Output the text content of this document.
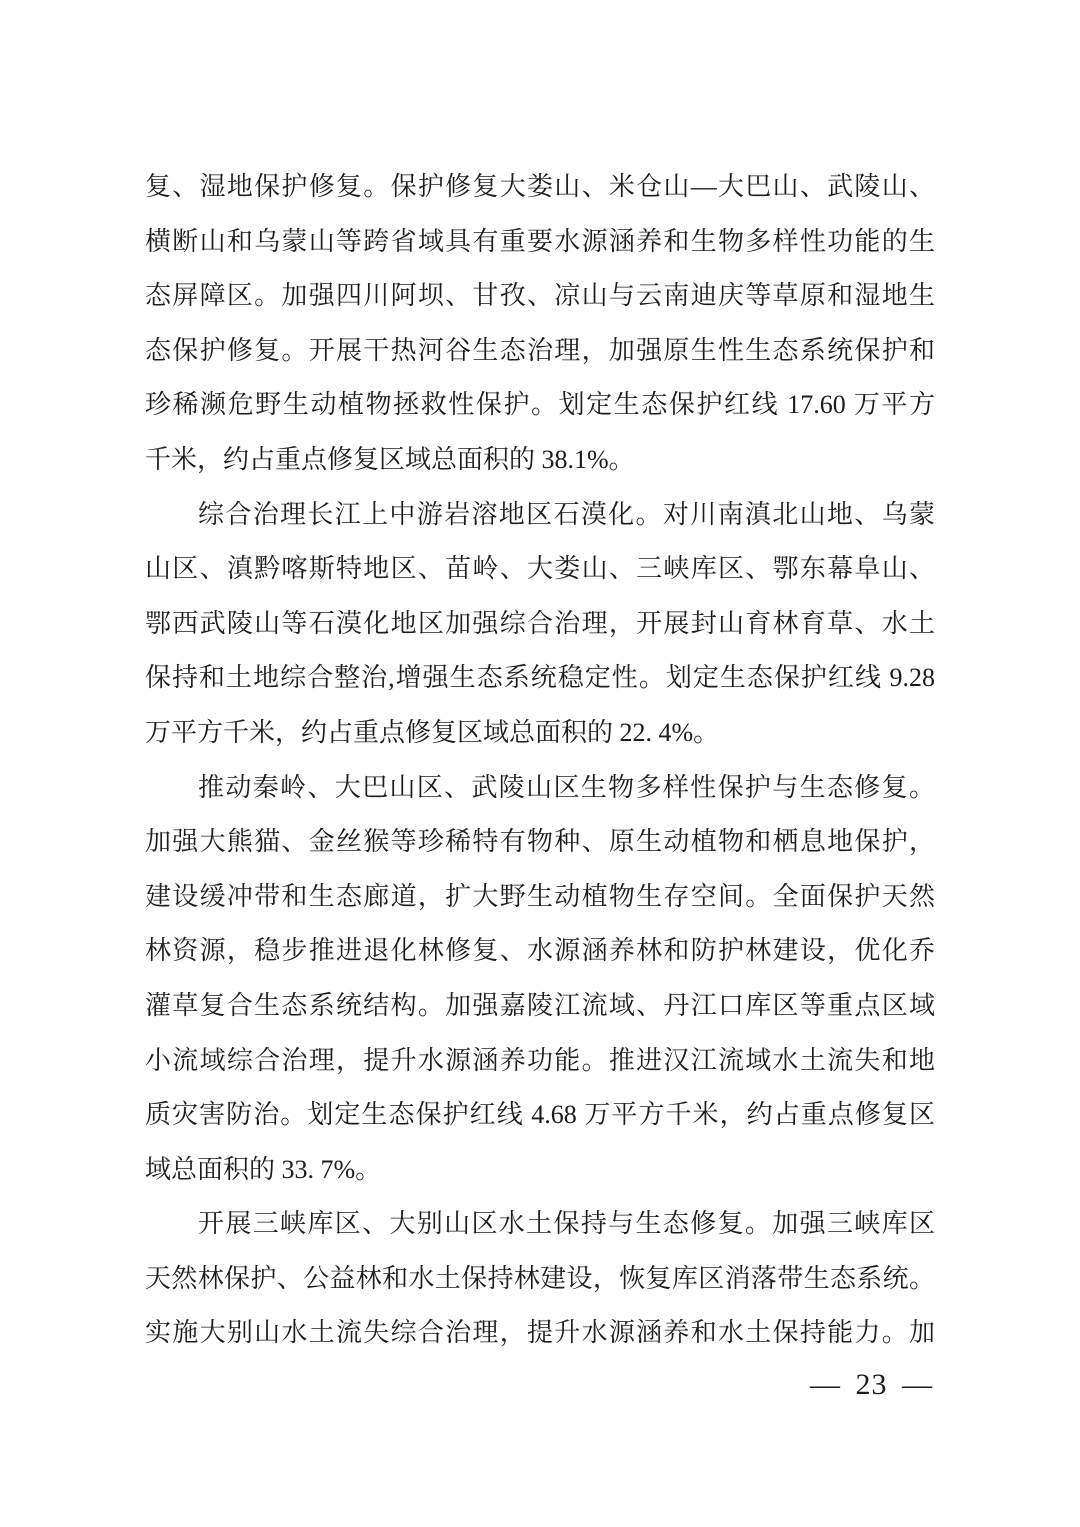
复、湿地保护修复。保护修复大娄山、米仓山—大巴山、武陵山、
横断山和乌蒙山等跨省域具有重要水源涵养和生物多样性功能的生
态屏障区。加强四川阿坝、甘孜、凉山与云南迪庆等草原和湿地生
态保护修复。开展干热河谷生态治理，加强原生性生态系统保护和
珍稀濒危野生动植物拯救性保护。划定生态保护红线 17.60 万平方
千米，约占重点修复区域总面积的 38.1%。
综合治理长江上中游岩溶地区石漠化。对川南滇北山地、乌蒙
山区、滇黔喀斯特地区、苗岭、大娄山、三峡库区、鄂东幕阜山、
鄂西武陵山等石漠化地区加强综合治理，开展封山育林育草、水土
保持和土地综合整治,增强生态系统稳定性。划定生态保护红线 9.28
万平方千米，约占重点修复区域总面积的 22. 4%。
推动秦岭、大巴山区、武陵山区生物多样性保护与生态修复。
加强大熊猫、金丝猴等珍稀特有物种、原生动植物和栖息地保护，
建设缓冲带和生态廊道，扩大野生动植物生存空间。全面保护天然
林资源，稳步推进退化林修复、水源涵养林和防护林建设，优化乔
灌草复合生态系统结构。加强嘉陵江流域、丹江口库区等重点区域
小流域综合治理，提升水源涵养功能。推进汉江流域水土流失和地
质灾害防治。划定生态保护红线 4.68 万平方千米，约占重点修复区
域总面积的 33. 7%。
开展三峡库区、大别山区水土保持与生态修复。加强三峡库区
天然林保护、公益林和水土保持林建设，恢复库区消落带生态系统。
实施大别山水土流失综合治理，提升水源涵养和水土保持能力。加
— 23 —
